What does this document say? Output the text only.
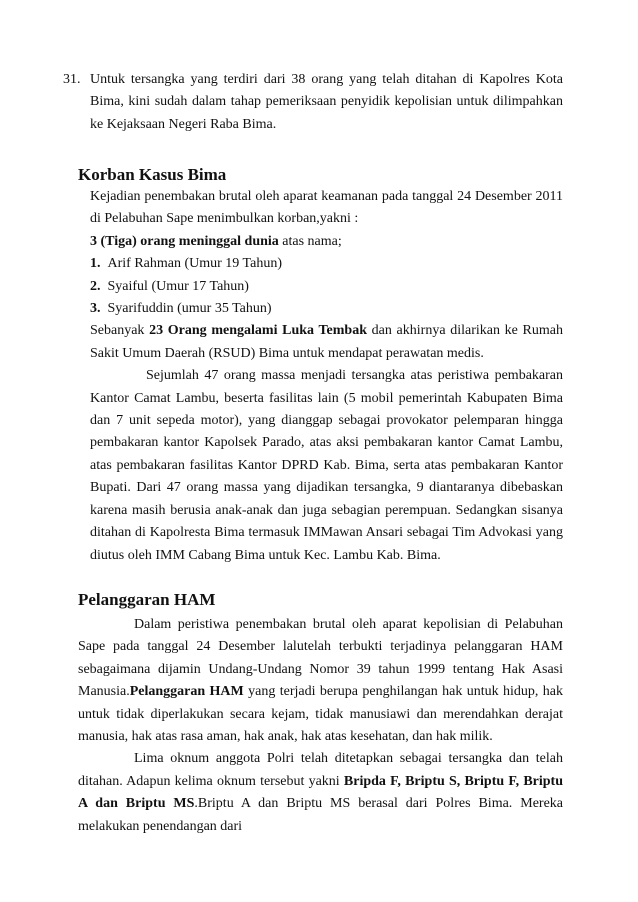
31. Untuk tersangka yang terdiri dari 38 orang yang telah ditahan di Kapolres Kota Bima, kini sudah dalam tahap pemeriksaan penyidik kepolisian untuk dilimpahkan ke Kejaksaan Negeri Raba Bima.
Korban Kasus Bima
Kejadian penembakan brutal oleh aparat keamanan pada tanggal 24 Desember 2011 di Pelabuhan Sape menimbulkan korban,yakni :
3 (Tiga) orang meninggal dunia atas nama;
1. Arif Rahman (Umur 19 Tahun)
2. Syaiful (Umur 17 Tahun)
3. Syarifuddin (umur 35 Tahun)
Sebanyak 23 Orang mengalami Luka Tembak dan akhirnya dilarikan ke Rumah Sakit Umum Daerah (RSUD) Bima untuk mendapat perawatan medis.
Sejumlah 47 orang massa menjadi tersangka atas peristiwa pembakaran Kantor Camat Lambu, beserta fasilitas lain (5 mobil pemerintah Kabupaten Bima dan 7 unit sepeda motor), yang dianggap sebagai provokator pelemparan hingga pembakaran kantor Kapolsek Parado, atas aksi pembakaran kantor Camat Lambu, atas pembakaran fasilitas Kantor DPRD Kab. Bima, serta atas pembakaran Kantor Bupati. Dari 47 orang massa yang dijadikan tersangka, 9 diantaranya dibebaskan karena masih berusia anak-anak dan juga sebagian perempuan. Sedangkan sisanya ditahan di Kapolresta Bima termasuk IMMawan Ansari sebagai Tim Advokasi yang diutus oleh IMM Cabang Bima untuk Kec. Lambu Kab. Bima.
Pelanggaran HAM
Dalam peristiwa penembakan brutal oleh aparat kepolisian di Pelabuhan Sape pada tanggal 24 Desember lalutelah terbukti terjadinya pelanggaran HAM sebagaimana dijamin Undang-Undang Nomor 39 tahun 1999 tentang Hak Asasi Manusia.Pelanggaran HAM yang terjadi berupa penghilangan hak untuk hidup, hak untuk tidak diperlakukan secara kejam, tidak manusiawi dan merendahkan derajat manusia, hak atas rasa aman, hak anak, hak atas kesehatan, dan hak milik.
Lima oknum anggota Polri telah ditetapkan sebagai tersangka dan telah ditahan. Adapun kelima oknum tersebut yakni Bripda F, Briptu S, Briptu F, Briptu A dan Briptu MS.Briptu A dan Briptu MS berasal dari Polres Bima. Mereka melakukan penendangan dari
